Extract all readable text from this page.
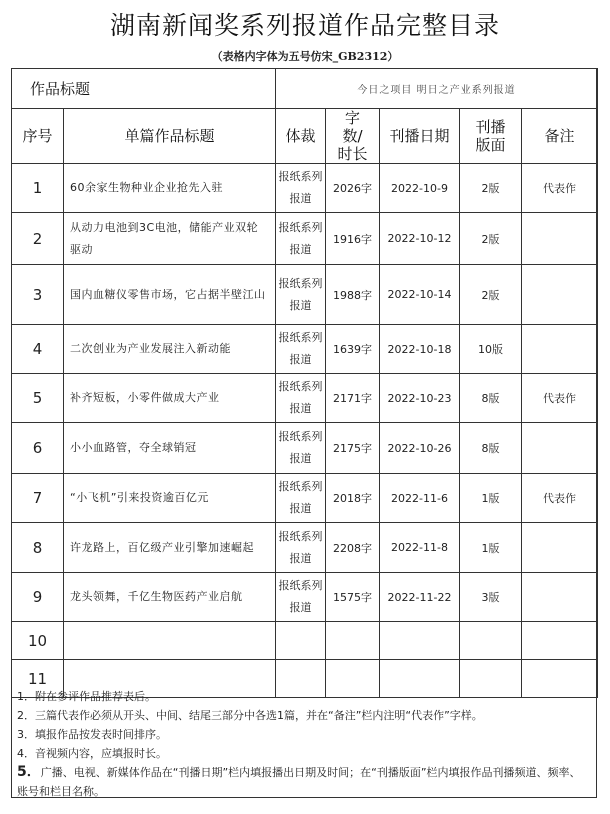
湖南新闻奖系列报道作品完整目录
（表格内字体为五号仿宋_GB2312）
作品标题		今日之项目 明日之产业系列报道				
序号	单篇作品标题	体裁	字数/时长	刊播日期	刊播版面	备注
1	60余家生物种业企业抢先入驻	报纸系列报道	2026字	2022-10-9	2版	代表作
2	从动力电池到3C电池，储能产业双轮驱动	报纸系列报道	1916字	2022-10-12	2版	
3	国内血糖仪零售市场，它占据半壁江山	报纸系列报道	1988字	2022-10-14	2版	
4	二次创业为产业发展注入新动能	报纸系列报道	1639字	2022-10-18	10版	
5	补齐短板，小零件做成大产业	报纸系列报道	2171字	2022-10-23	8版	代表作
6	小小血路管，夺全球销冠	报纸系列报道	2175字	2022-10-26	8版	
7	“小飞机”引来投资逾百亿元	报纸系列报道	2018字	2022-11-6	1版	代表作
8	许龙路上，百亿级产业引擎加速崛起	报纸系列报道	2208字	2022-11-8	1版	
9	龙头领舞，千亿生物医药产业启航	报纸系列报道	1575字	2022-11-22	3版	
10						
11						
1．附在参评作品推荐表后。
2．三篇代表作必须从开头、中间、结尾三部分中各选1篇，并在“备注”栏内注明“代表作”字样。
3．填报作品按发表时间排序。
4．音视频内容，应填报时长。
5．广播、电视、新媒体作品在“刊播日期”栏内填报播出日期及时间；在“刊播版面”栏内填报作品刊播频道、频率、账号和栏目名称。
